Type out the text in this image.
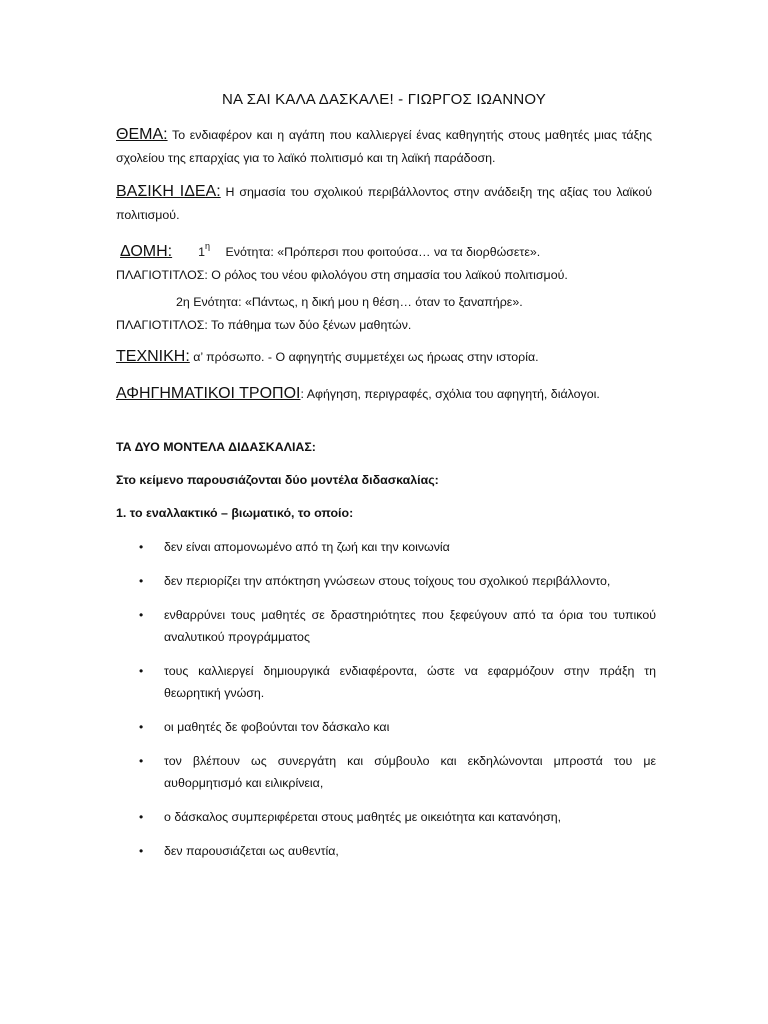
ΝΑ ΣΑΙ ΚΑΛΑ ΔΑΣΚΑΛΕ! - ΓΙΩΡΓΟΣ ΙΩΑΝΝΟΥ
ΘΕΜΑ: Το ενδιαφέρον και η αγάπη που καλλιεργεί ένας καθηγητής στους μαθητές μιας τάξης σχολείου της επαρχίας για το λαϊκό πολιτισμό και τη λαϊκή παράδοση.
ΒΑΣΙΚΗ ΙΔΕΑ: Η σημασία του σχολικού περιβάλλοντος στην ανάδειξη της αξίας του λαϊκού πολιτισμού.
ΔΟΜΗ: $1^\eta$ Ενότητα: «Πρόπερσι που φοιτούσα… να τα διορθώσετε».
ΠΛΑΓΙΟΤΙΤΛΟΣ: Ο ρόλος του νέου φιλολόγου στη σημασία του λαϊκού πολιτισμού.
2η Ενότητα: «Πάντως, η δική μου η θέση… όταν το ξαναπήρε».
ΠΛΑΓΙΟΤΙΤΛΟΣ: Το πάθημα των δύο ξένων μαθητών.
ΤΕΧΝΙΚΗ: α’ πρόσωπο. - Ο αφηγητής συμμετέχει ως ήρωας στην ιστορία.
ΑΦΗΓΗΜΑΤΙΚΟΙ ΤΡΟΠΟΙ: Αφήγηση, περιγραφές, σχόλια του αφηγητή, διάλογοι.
ΤΑ ΔΥΟ ΜΟΝΤΕΛΑ ΔΙΔΑΣΚΑΛΙΑΣ:
Στο κείμενο παρουσιάζονται δύο μοντέλα διδασκαλίας:
1. το εναλλακτικό – βιωματικό, το οποίο:
• δεν είναι απομονωμένο από τη ζωή και την κοινωνία
• δεν περιορίζει την απόκτηση γνώσεων στους τοίχους του σχολικού περιβάλλοντο,
• ενθαρρύνει τους μαθητές σε δραστηριότητες που ξεφεύγουν από τα όρια του τυπικού αναλυτικού προγράμματος
• τους καλλιεργεί δημιουργικά ενδιαφέροντα, ώστε να εφαρμόζουν στην πράξη τη θεωρητική γνώση.
• οι μαθητές δε φοβούνται τον δάσκαλο και
• τον βλέπουν ως συνεργάτη και σύμβουλο και εκδηλώνονται μπροστά του με αυθορμητισμό και ειλικρίνεια,
• ο δάσκαλος συμπεριφέρεται στους μαθητές με οικειότητα και κατανόηση,
• δεν παρουσιάζεται ως αυθεντία,
